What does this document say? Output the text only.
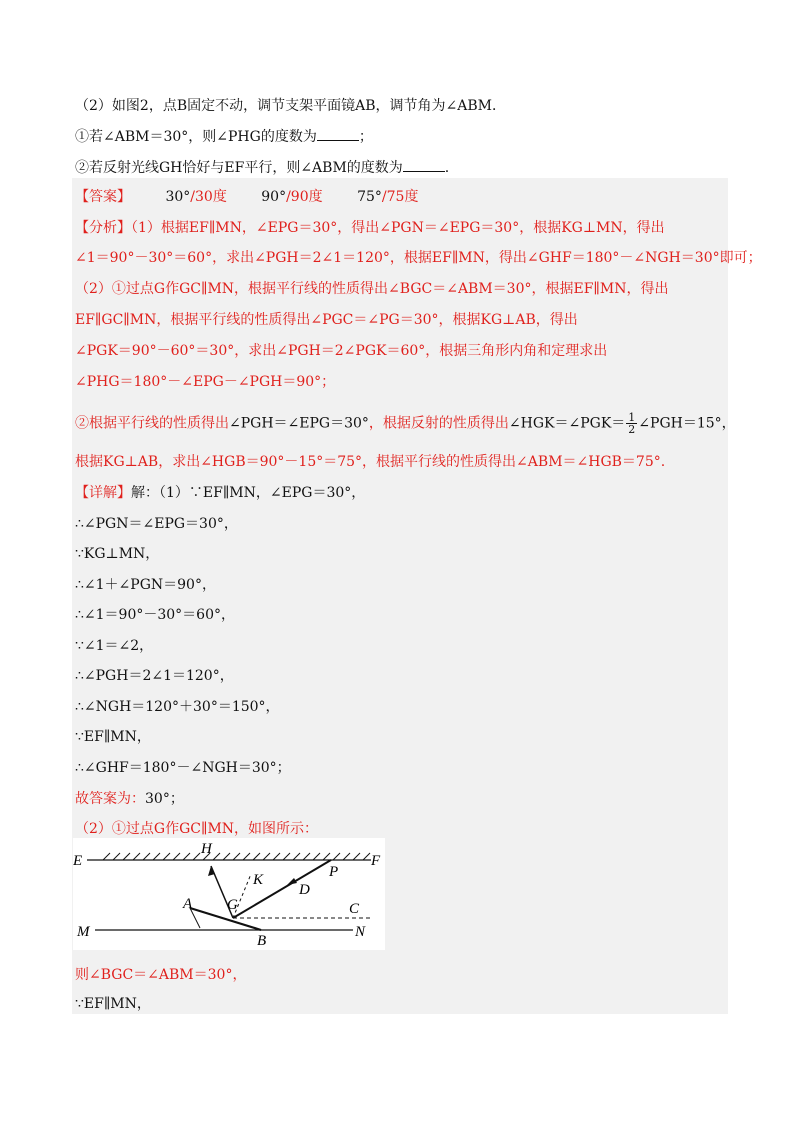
（2）如图2，点B固定不动，调节支架平面镜AB，调节角为∠ABM．
①若∠ABM＝30°，则∠PHG的度数为	；
②若反射光线GH恰好与EF平行，则∠ABM的度数为	.
【答案】 30°/30度 90°/90度 75°/75度
【分析】（1）根据EF∥MN，∠EPG＝30°，得出∠PGN＝∠EPG＝30°，根据KG⊥MN，得出
∠1＝90°－30°＝60°，求出∠PGH＝2∠1＝120°，根据EF∥MN，得出∠GHF＝180°－∠NGH＝30°即可；
（2）①过点G作GC∥MN，根据平行线的性质得出∠BGC＝∠ABM＝30°，根据EF∥MN，得出
EF∥GC∥MN，根据平行线的性质得出∠PGC＝∠PG＝30°，根据KG⊥AB，得出
∠PGK＝90°－60°＝30°，求出∠PGH＝2∠PGK＝60°，根据三角形内角和定理求出
∠PHG＝180°－∠EPG－∠PGH＝90°；
②根据平行线的性质得出∠PGH＝∠EPG＝30°，根据反射的性质得出∠HGK＝∠PGK＝ $\frac{1}{2}$ ∠PGH＝15°，
根据KG⊥AB，求出∠HGB＝90°－15°＝75°，根据平行线的性质得出∠ABM＝∠HGB＝75°.
【详解】解：（1）∵EF∥MN，∠EPG＝30°，
∴∠PGN＝∠EPG＝30°，
∵KG⊥MN，
∴∠1＋∠PGN＝90°，
∴∠1＝90°－30°＝60°，
∵∠1＝∠2，
∴∠PGH＝2∠1＝120°，
∴∠NGH＝120°＋30°＝150°，
∵EF∥MN，
∴∠GHF＝180°－∠NGH＝30°；
故答案为：30°；
（2）①过点G作GC∥MN，如图所示：
E
H
F
P
K
D
A G	C
M
B
N
则∠BGC＝∠ABM＝30°，
∵EF∥MN，
